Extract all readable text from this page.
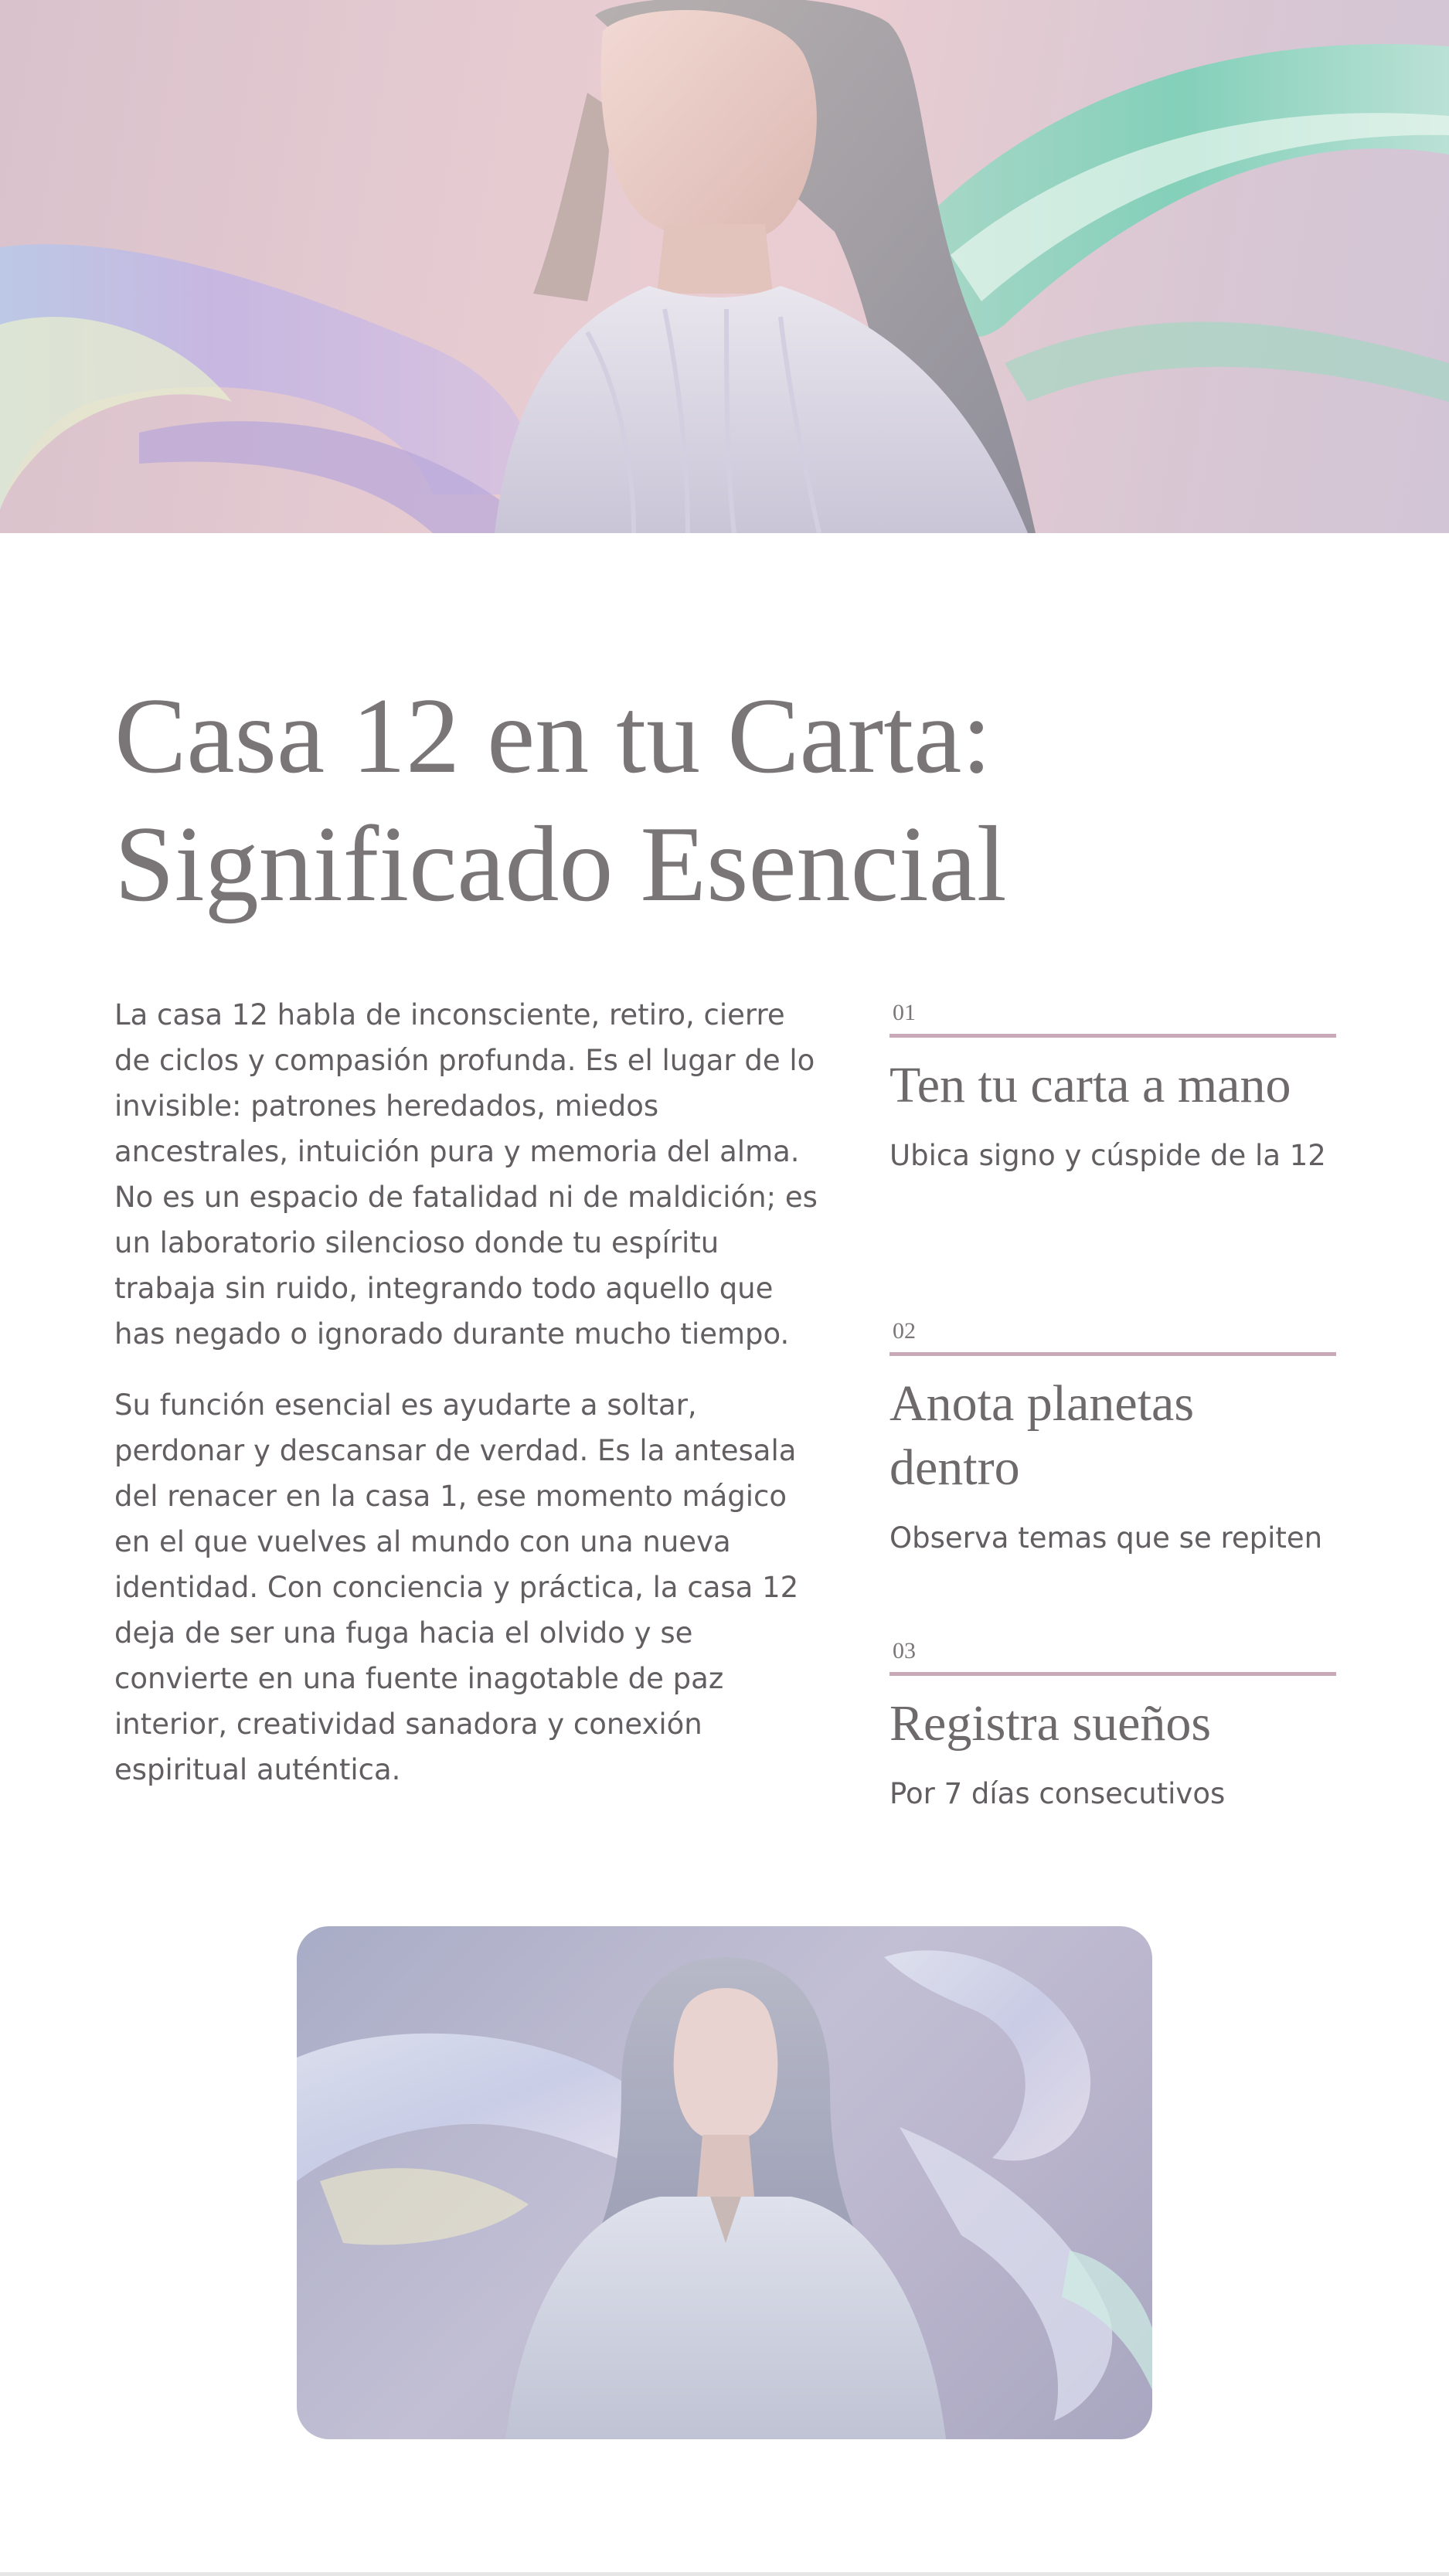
Casa 12 en tu Carta:
Significado Esencial

La casa 12 habla de inconsciente, retiro, cierre de ciclos y compasión profunda. Es el lugar de lo invisible: patrones heredados, miedos ancestrales, intuición pura y memoria del alma. No es un espacio de fatalidad ni de maldición; es un laboratorio silencioso donde tu espíritu trabaja sin ruido, integrando todo aquello que has negado o ignorado durante mucho tiempo.

Su función esencial es ayudarte a soltar, perdonar y descansar de verdad. Es la antesala del renacer en la casa 1, ese momento mágico en el que vuelves al mundo con una nueva identidad. Con conciencia y práctica, la casa 12 deja de ser una fuga hacia el olvido y se convierte en una fuente inagotable de paz interior, creatividad sanadora y conexión espiritual auténtica.

01
Ten tu carta a mano
Ubica signo y cúspide de la 12
02
Anota planetas dentro
Observa temas que se repiten
03
Registra sueños
Por 7 días consecutivos
